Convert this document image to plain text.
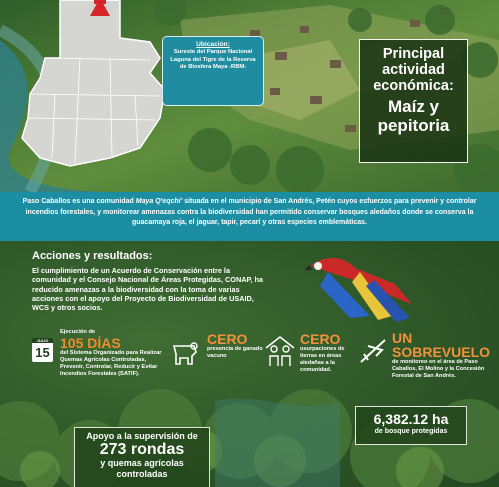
Ubicación:
Sureste del Parque Nacional Laguna del Tigre de la Reserva de Biosfera Maya -RBM-
Principal actividad económica:
Maíz y pepitoria
Paso Caballos es una comunidad Maya Q'eqchi' situada en el municipio de San Andrés, Petén cuyos esfuerzos para prevenir y controlar incendios forestales, y monitorear amenazas contra la biodiversidad han permitido conservar bosques aledaños donde se conserva la guacamaya roja, el jaguar, tapir, pecarí y otras especies emblemáticas.
Acciones y resultados:
El cumplimiento de un Acuerdo de Conservación entre la comunidad y el Consejo Nacional de Áreas Protegidas, CONAP, ha reducido amenazas a la biodiversidad con la toma de varias acciones con el apoyo del Proyecto de Biodiversidad de USAID, WCS y otros socios.
JULIO
15
Ejecución de
105 DÍAS
del Sistema Organizado para Realizar Quemas Agrícolas Controladas, Prevenir, Controlar, Reducir y Evitar Incendios Forestales (SATIF).
CERO
presencia de ganado vacuno
CERO
usurpaciones de tierras en áreas aledañas a la comunidad.
UN SOBREVUELO
de monitoreo en el área de Paso Caballos, El Molino y la Concesión Forestal de San Andrés.
6,382.12 ha
de bosque protegidas
Apoyo a la supervisión de
273 rondas
y quemas agrícolas controladas
